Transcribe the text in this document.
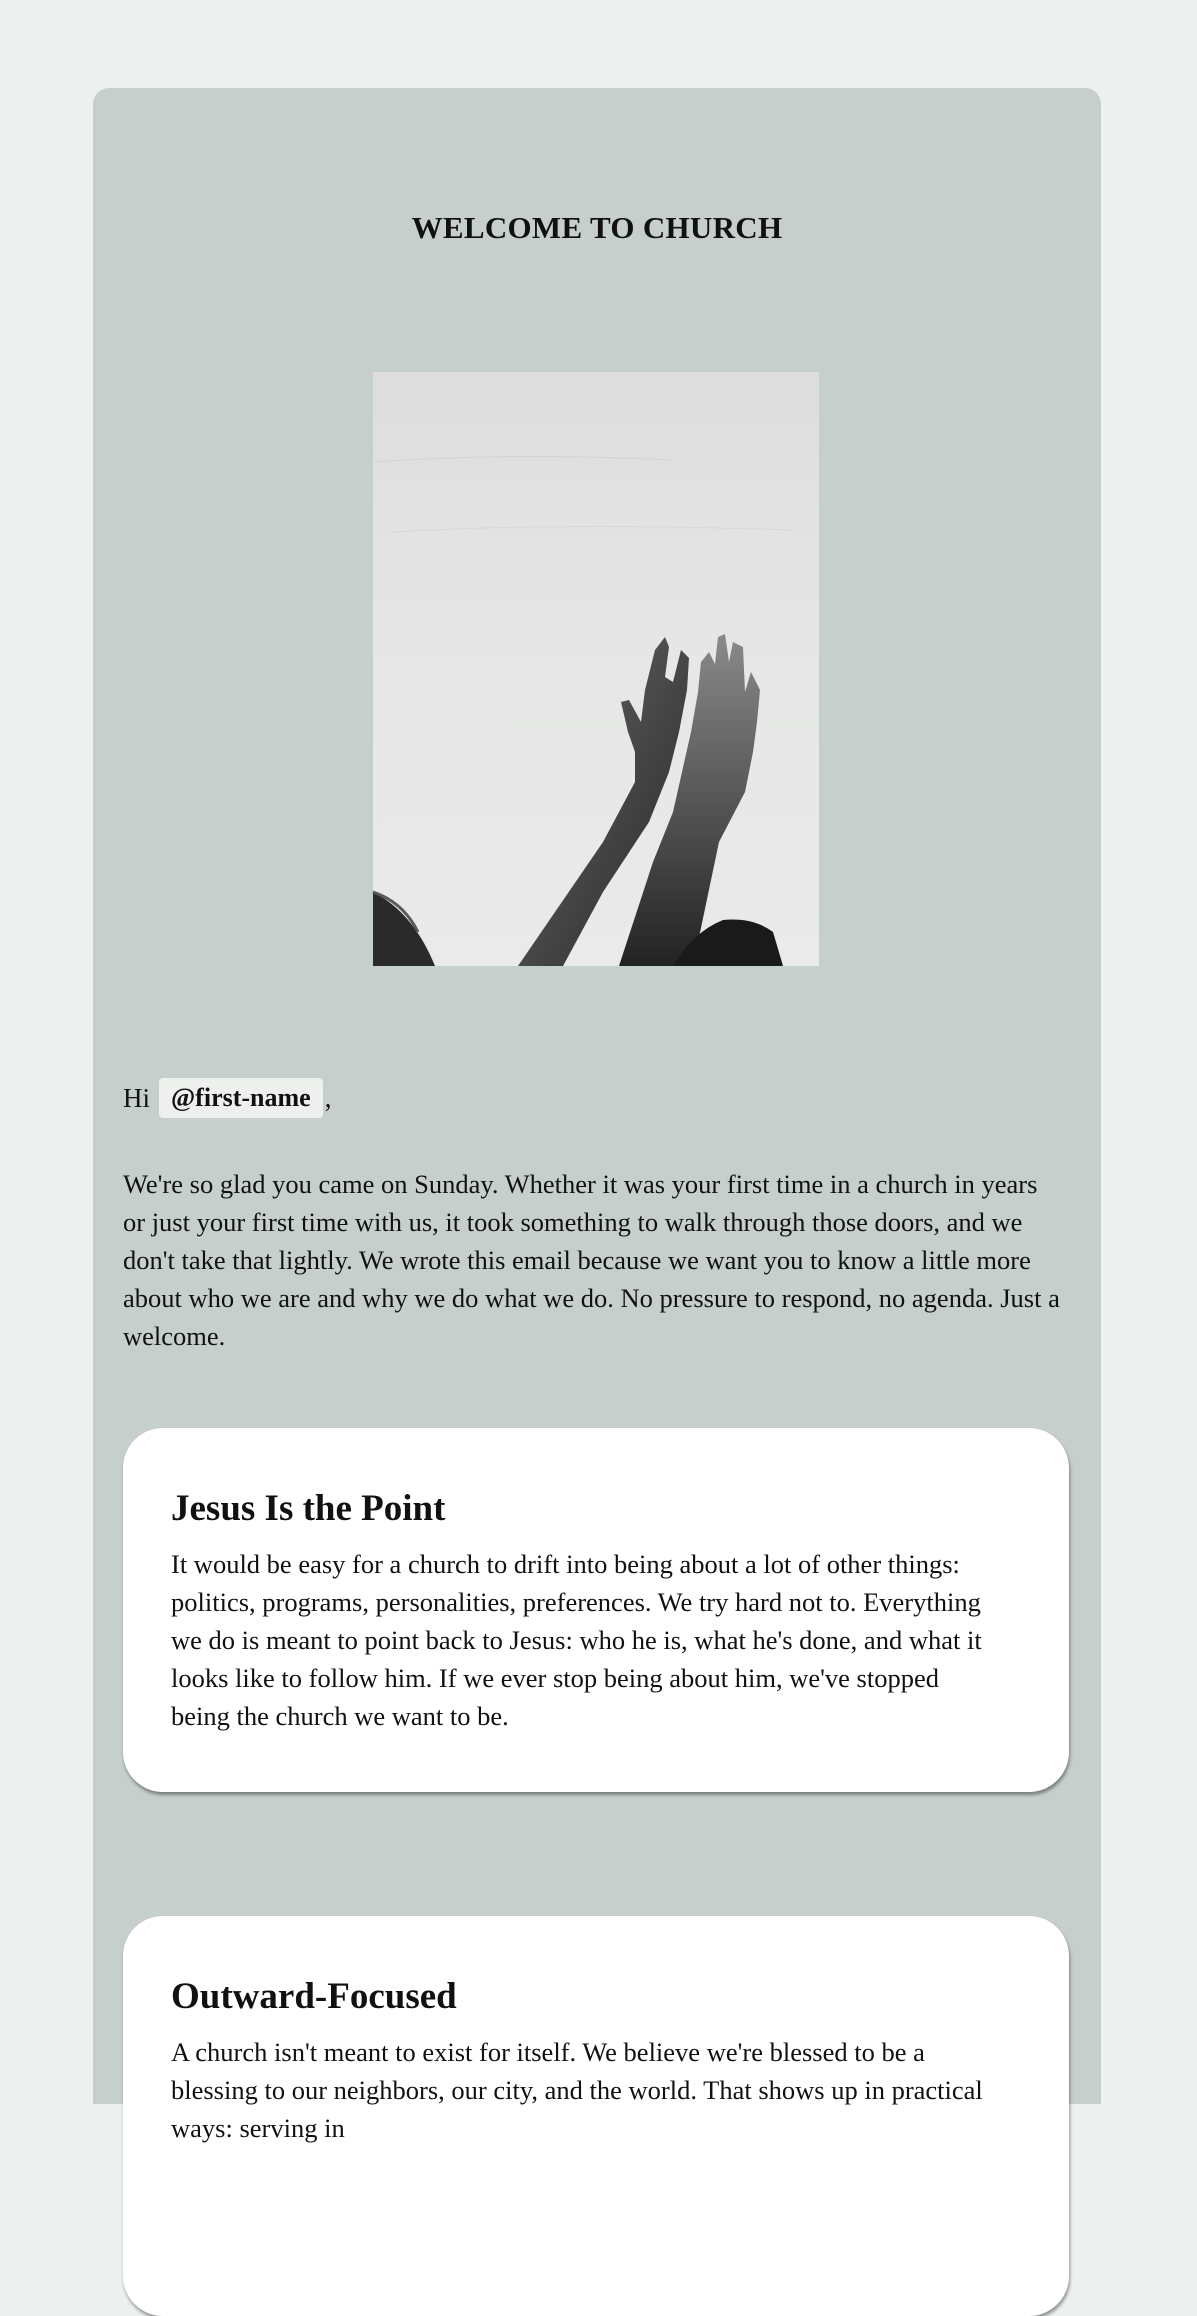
WELCOME TO CHURCH
Hi @first-name ,

We're so glad you came on Sunday. Whether it was your first time in a church in years or just your first time with us, it took something to walk through those doors, and we don't take that lightly. We wrote this email because we want you to know a little more about who we are and why we do what we do. No pressure to respond, no agenda. Just a welcome.

Jesus Is the Point

It would be easy for a church to drift into being about a lot of other things: politics, programs, personalities, preferences. We try hard not to. Everything we do is meant to point back to Jesus: who he is, what he's done, and what it looks like to follow him. If we ever stop being about him, we've stopped being the church we want to be.

Outward-Focused

A church isn't meant to exist for itself. We believe we're blessed to be a blessing to our neighbors, our city, and the world. That shows up in practical ways: serving in
